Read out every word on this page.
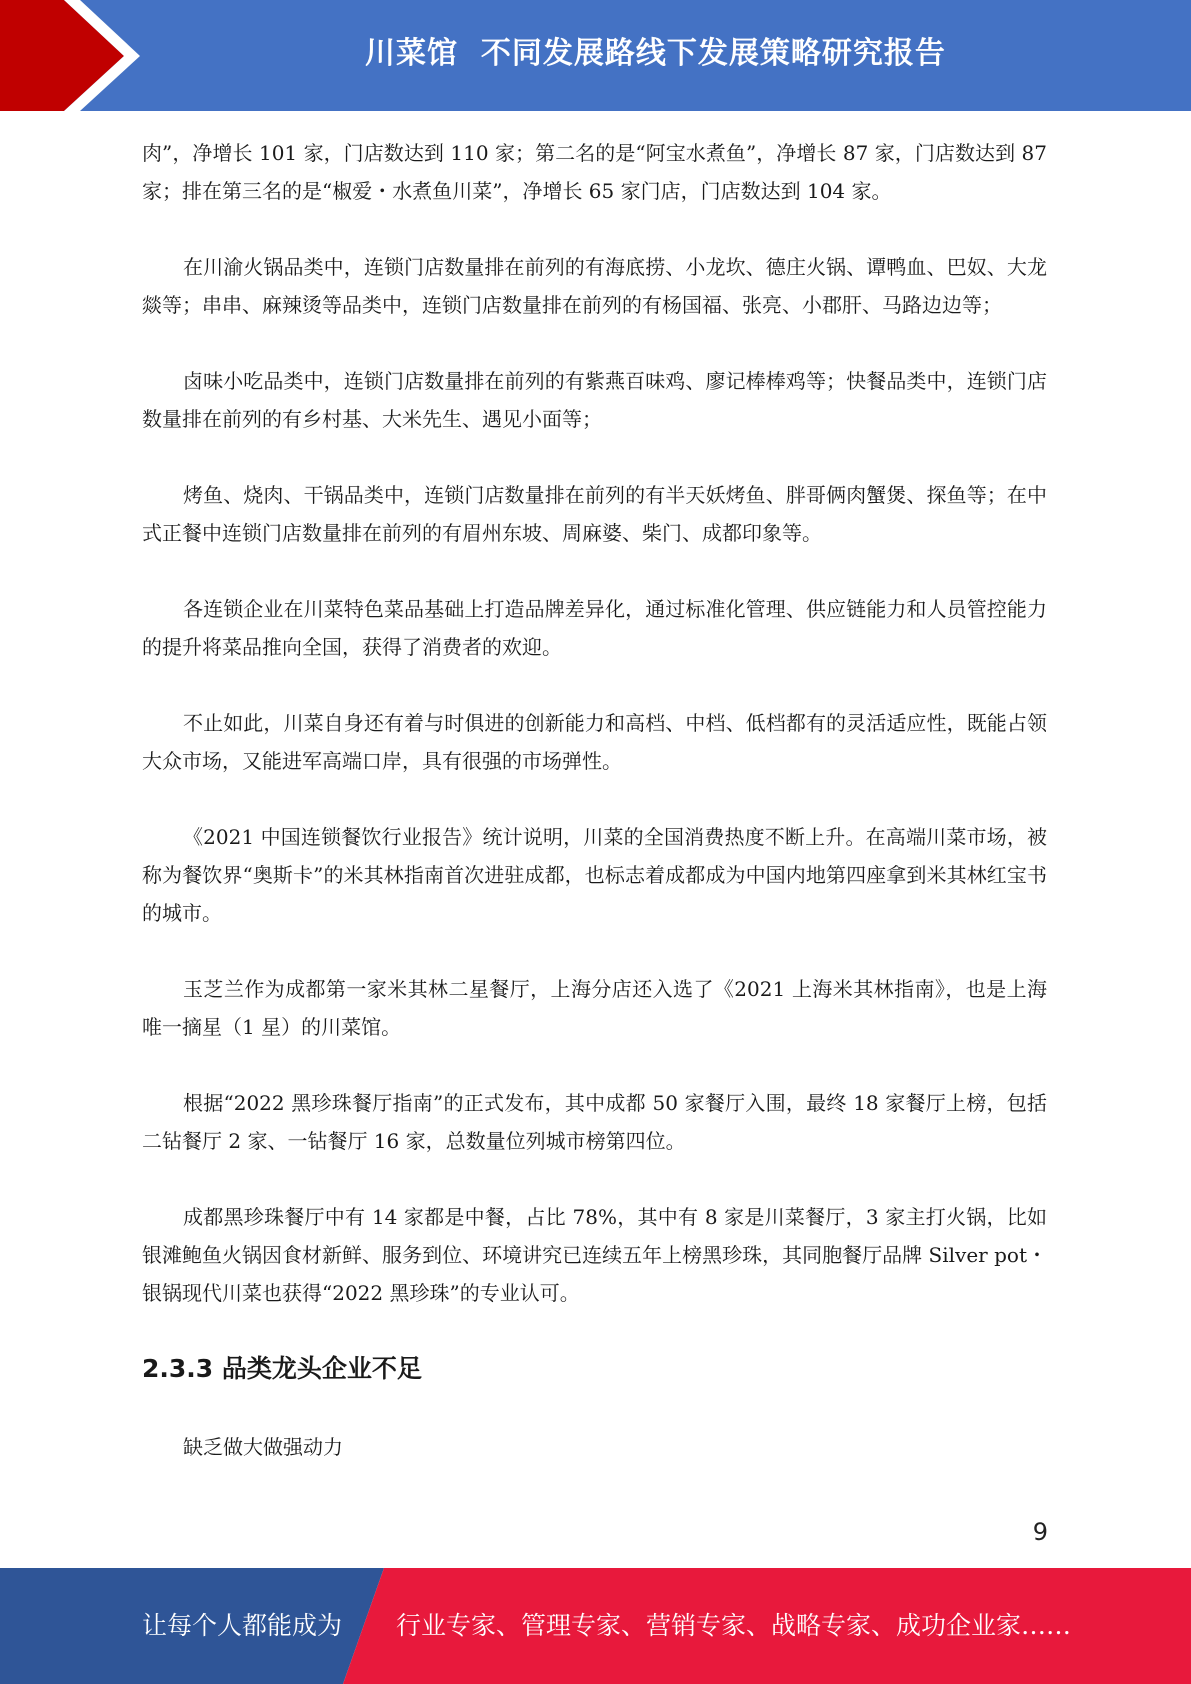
川菜馆  不同发展路线下发展策略研究报告

肉”，净增长 101 家，门店数达到 110 家；第二名的是“阿宝水煮鱼”，净增长 87 家，门店数达到 87 家；排在第三名的是“椒爱・水煮鱼川菜”，净增长 65 家门店，门店数达到 104 家。

在川渝火锅品类中，连锁门店数量排在前列的有海底捞、小龙坎、德庄火锅、谭鸭血、巴奴、大龙燚等；串串、麻辣烫等品类中，连锁门店数量排在前列的有杨国福、张亮、小郡肝、马路边边等；

卤味小吃品类中，连锁门店数量排在前列的有紫燕百味鸡、廖记棒棒鸡等；快餐品类中，连锁门店数量排在前列的有乡村基、大米先生、遇见小面等；

烤鱼、烧肉、干锅品类中，连锁门店数量排在前列的有半天妖烤鱼、胖哥俩肉蟹煲、探鱼等；在中式正餐中连锁门店数量排在前列的有眉州东坡、周麻婆、柴门、成都印象等。

各连锁企业在川菜特色菜品基础上打造品牌差异化，通过标准化管理、供应链能力和人员管控能力的提升将菜品推向全国，获得了消费者的欢迎。

不止如此，川菜自身还有着与时俱进的创新能力和高档、中档、低档都有的灵活适应性，既能占领大众市场，又能进军高端口岸，具有很强的市场弹性。

《2021 中国连锁餐饮行业报告》统计说明，川菜的全国消费热度不断上升。在高端川菜市场，被称为餐饮界“奥斯卡”的米其林指南首次进驻成都，也标志着成都成为中国内地第四座拿到米其林红宝书的城市。

玉芝兰作为成都第一家米其林二星餐厅，上海分店还入选了《2021 上海米其林指南》，也是上海唯一摘星（1 星）的川菜馆。

根据“2022 黑珍珠餐厅指南”的正式发布，其中成都 50 家餐厅入围，最终 18 家餐厅上榜，包括二钻餐厅 2 家、一钻餐厅 16 家，总数量位列城市榜第四位。

成都黑珍珠餐厅中有 14 家都是中餐，占比 78%，其中有 8 家是川菜餐厅，3 家主打火锅，比如银滩鲍鱼火锅因食材新鲜、服务到位、环境讲究已连续五年上榜黑珍珠，其同胞餐厅品牌 Silver pot・银锅现代川菜也获得“2022 黑珍珠”的专业认可。

2.3.3 品类龙头企业不足

缺乏做大做强动力

9
让每个人都能成为 行业专家、管理专家、营销专家、战略专家、成功企业家……
